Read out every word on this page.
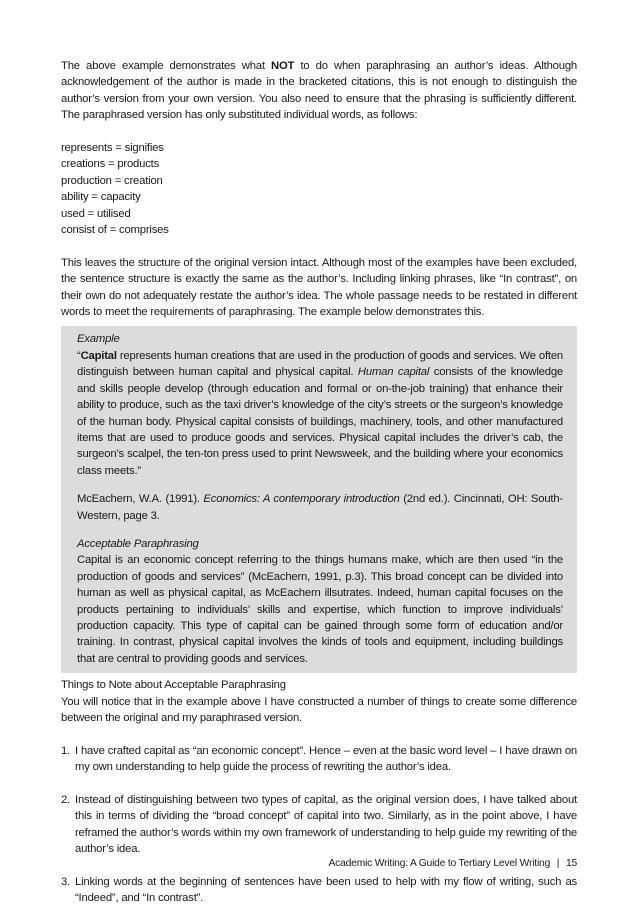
The above example demonstrates what NOT to do when paraphrasing an author’s ideas. Although acknowledgement of the author is made in the bracketed citations, this is not enough to distinguish the author’s version from your own version. You also need to ensure that the phrasing is sufficiently different. The paraphrased version has only substituted individual words, as follows:

represents = signifies
creations = products
production = creation
ability = capacity
used = utilised
consist of = comprises

This leaves the structure of the original version intact. Although most of the examples have been excluded, the sentence structure is exactly the same as the author’s. Including linking phrases, like “In contrast”, on their own do not adequately restate the author’s idea. The whole passage needs to be restated in different words to meet the requirements of paraphrasing. The example below demonstrates this.

Example

“Capital represents human creations that are used in the production of goods and services. We often distinguish between human capital and physical capital. Human capital consists of the knowledge and skills people develop (through education and formal or on-the-job training) that enhance their ability to produce, such as the taxi driver’s knowledge of the city’s streets or the surgeon’s knowledge of the human body. Physical capital consists of buildings, machinery, tools, and other manufactured items that are used to produce goods and services. Physical capital includes the driver’s cab, the surgeon’s scalpel, the ten-ton press used to print Newsweek, and the building where your economics class meets.”

McEachern, W.A. (1991). Economics: A contemporary introduction (2nd ed.). Cincinnati, OH: South-Western, page 3.

Acceptable Paraphrasing

Capital is an economic concept referring to the things humans make, which are then used “in the production of goods and services” (McEachern, 1991, p.3). This broad concept can be divided into human as well as physical capital, as McEachern illsutrates. Indeed, human capital focuses on the products pertaining to individuals’ skills and expertise, which function to improve individuals’ production capacity. This type of capital can be gained through some form of education and/or training. In contrast, physical capital involves the kinds of tools and equipment, including buildings that are central to providing goods and services.

Things to Note about Acceptable Paraphrasing

You will notice that in the example above I have constructed a number of things to create some difference between the original and my paraphrased version.

1. I have crafted capital as “an economic concept”. Hence – even at the basic word level – I have drawn on my own understanding to help guide the process of rewriting the author’s idea.
2. Instead of distinguishing between two types of capital, as the original version does, I have talked about this in terms of dividing the “broad concept” of capital into two. Similarly, as in the point above, I have reframed the author’s words within my own framework of understanding to help guide my rewriting of the author’s idea.
3. Linking words at the beginning of sentences have been used to help with my flow of writing, such as “Indeed”, and “In contrast”.
Academic Writing: A Guide to Tertiary Level Writing | 15
